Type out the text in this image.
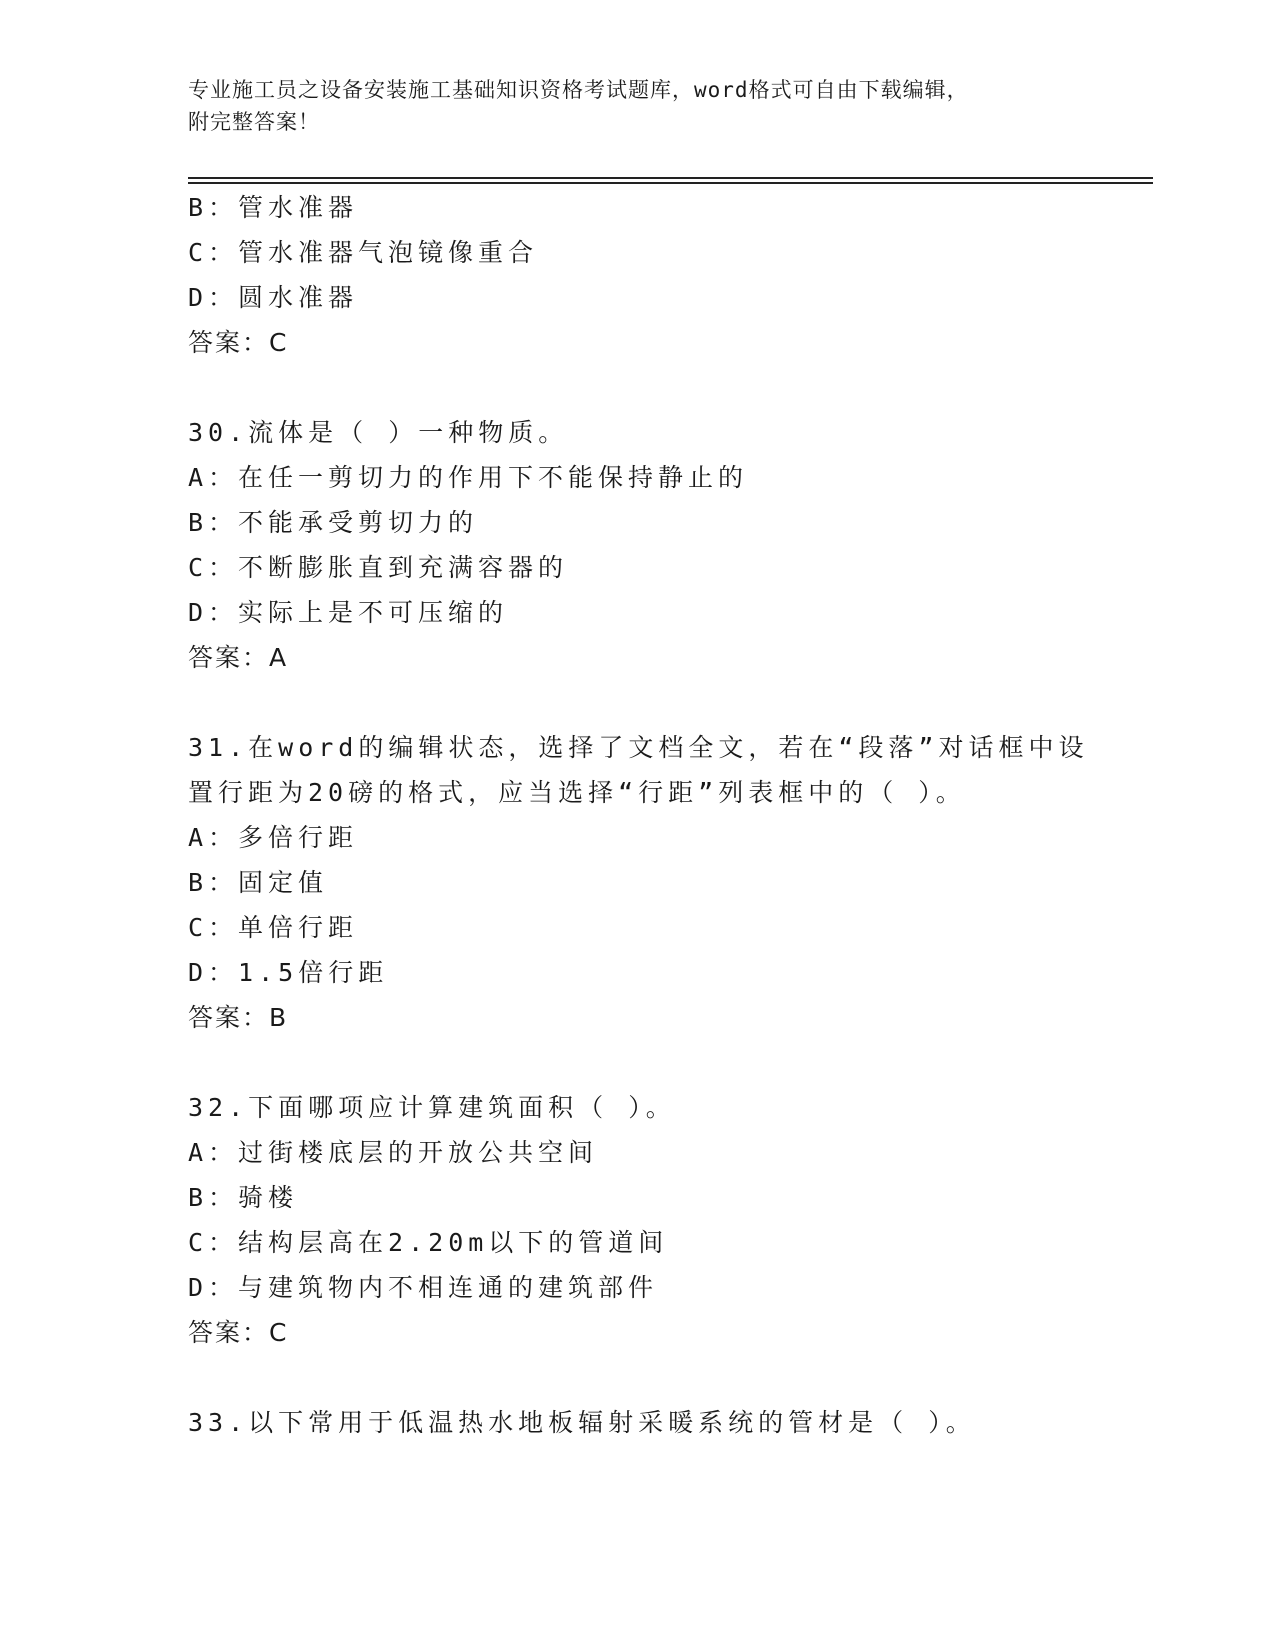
专业施工员之设备安装施工基础知识资格考试题库，word格式可自由下载编辑，
附完整答案！
B：管水准器
C：管水准器气泡镜像重合
D：圆水准器
答案：C
30.流体是（ ）一种物质。
A：在任一剪切力的作用下不能保持静止的
B：不能承受剪切力的
C：不断膨胀直到充满容器的
D：实际上是不可压缩的
答案：A
31.在word的编辑状态，选择了文档全文，若在“段落”对话框中设
置行距为20磅的格式，应当选择“行距”列表框中的（ ）。
A：多倍行距
B：固定值
C：单倍行距
D：1.5倍行距
答案：B
32.下面哪项应计算建筑面积（ ）。
A：过街楼底层的开放公共空间
B：骑楼
C：结构层高在2.20m以下的管道间
D：与建筑物内不相连通的建筑部件
答案：C
33.以下常用于低温热水地板辐射采暖系统的管材是（ ）。
